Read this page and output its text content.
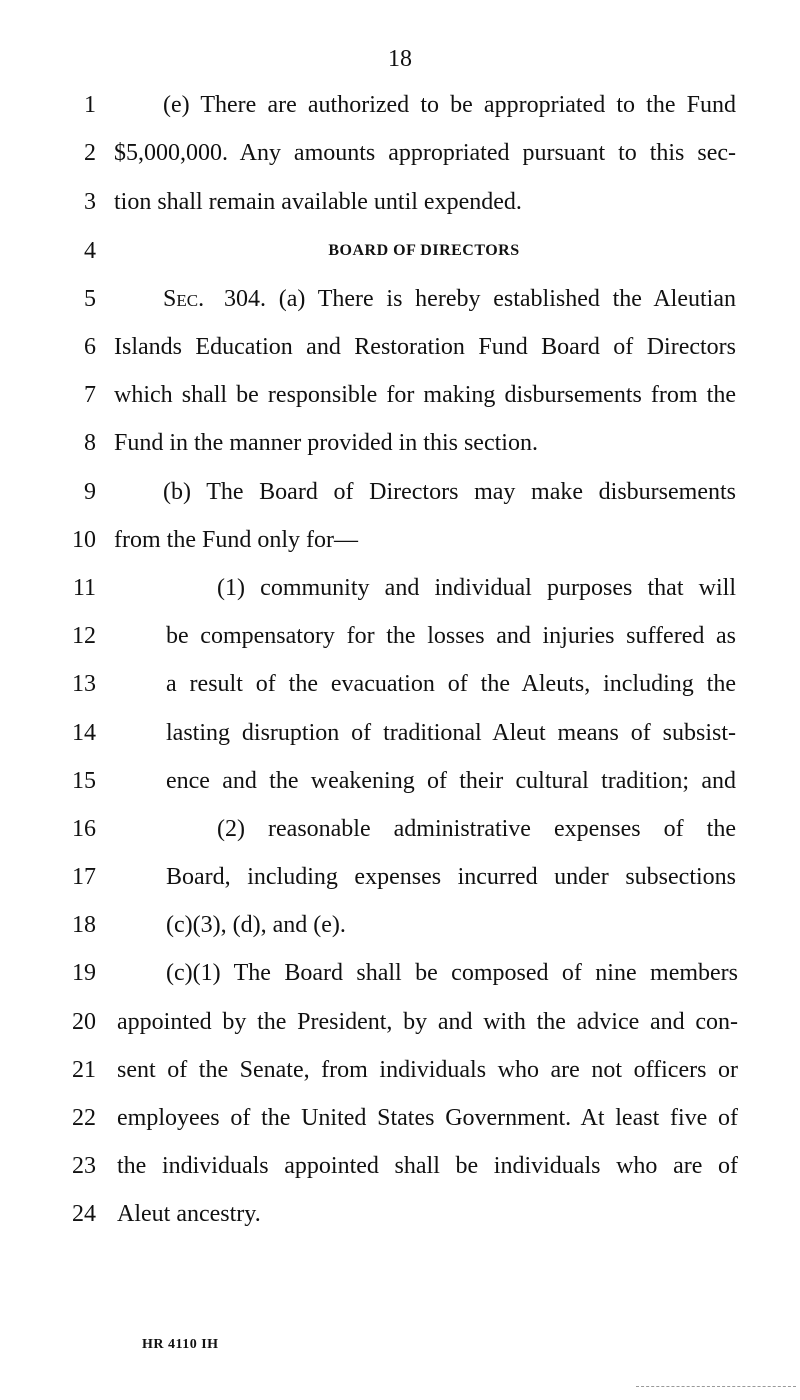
18
1	(e) There are authorized to be appropriated to the Fund
2 $5,000,000. Any amounts appropriated pursuant to this sec-
3 tion shall remain available until expended.
4	BOARD OF DIRECTORS
5	Sec. 304. (a) There is hereby established the Aleutian
6 Islands Education and Restoration Fund Board of Directors
7 which shall be responsible for making disbursements from the
8 Fund in the manner provided in this section.
9	(b) The Board of Directors may make disbursements
10 from the Fund only for—
11	(1) community and individual purposes that will
12	be compensatory for the losses and injuries suffered as
13	a result of the evacuation of the Aleuts, including the
14	lasting disruption of traditional Aleut means of subsist-
15	ence and the weakening of their cultural tradition; and
16	(2) reasonable administrative expenses of the
17	Board, including expenses incurred under subsections
18	(c)(3), (d), and (e).
19	(c)(1) The Board shall be composed of nine members
20 appointed by the President, by and with the advice and con-
21 sent of the Senate, from individuals who are not officers or
22 employees of the United States Government. At least five of
23 the individuals appointed shall be individuals who are of
24 Aleut ancestry.
HR 4110 IH
